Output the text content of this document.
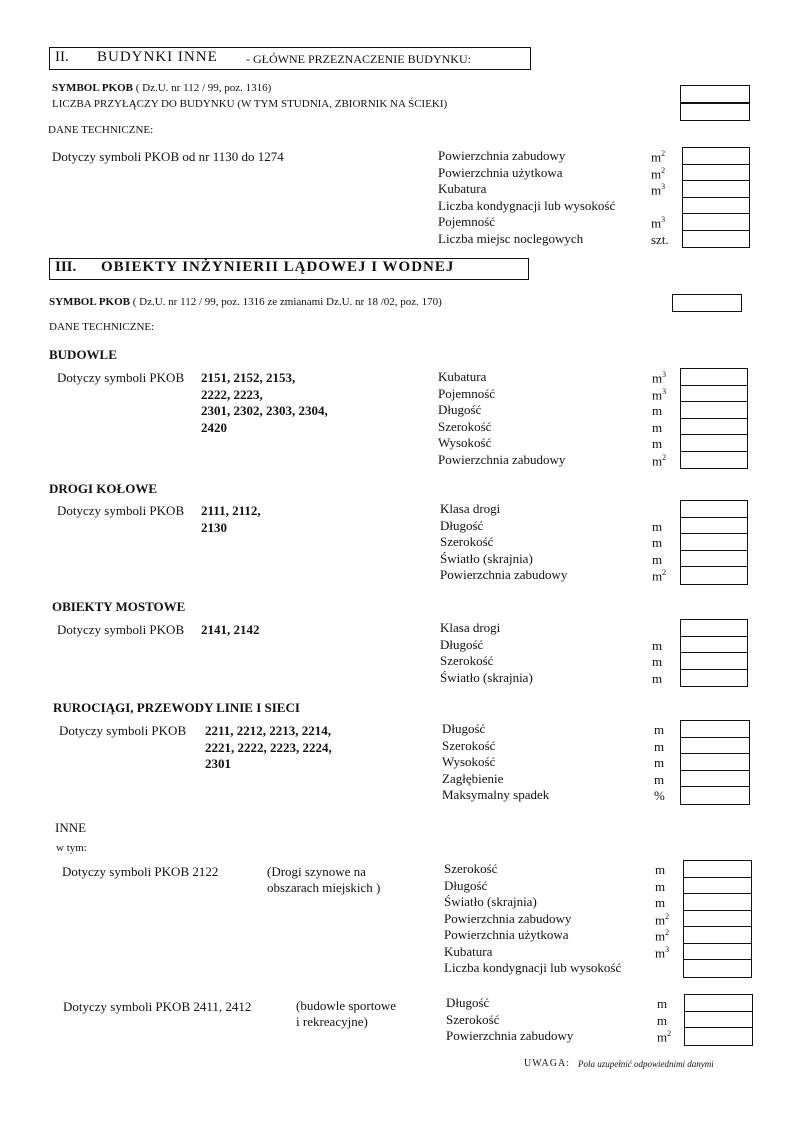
II. BUDYNKI INNE - GŁÓWNE PRZEZNACZENIE BUDYNKU:
SYMBOL PKOB ( Dz.U. nr 112 / 99, poz. 1316)
LICZBA PRZYŁĄCZY DO BUDYNKU (W TYM STUDNIA, ZBIORNIK NA ŚCIEKI)
DANE TECHNICZNE:
Dotyczy symboli PKOB od nr 1130 do 1274	Powierzchnia zabudowy	$m^2$
Powierzchnia użytkowa	$m^2$
Kubatura	$m^3$
Liczba kondygnacji lub wysokość
Pojemność	$m^3$
Liczba miejsc noclegowych	szt.
III. OBIEKTY INŻYNIERII LĄDOWEJ I WODNEJ
SYMBOL PKOB ( Dz.U. nr 112 / 99, poz. 1316 ze zmianami Dz.U. nr 18 /02, poz. 170)
DANE TECHNICZNE:
BUDOWLE
Dotyczy symboli PKOB 2151, 2152, 2153,
2222, 2223,
2301, 2302, 2303, 2304,
2420
Kubatura	$m^3$
Pojemność	$m^3$
Długość	m
Szerokość	m
Wysokość	m
Powierzchnia zabudowy	$m^2$
DROGI KOŁOWE
Dotyczy symboli PKOB 2111, 2112,
2130
Klasa drogi
Długość	m
Szerokość	m
Światło (skrajnia)	m
Powierzchnia zabudowy	$m^2$
OBIEKTY MOSTOWE
Dotyczy symboli PKOB 2141, 2142	Klasa drogi
Długość	m
Szerokość	m
Światło (skrajnia)	m
RUROCIĄGI, PRZEWODY LINIE I SIECI
Dotyczy symboli PKOB 2211, 2212, 2213, 2214,
2221, 2222, 2223, 2224,
2301
Długość	m
Szerokość	m
Wysokość	m
Zagłębienie	m
Maksymalny spadek	%
INNE
w tym:
Dotyczy symboli PKOB 2122	(Drogi szynowe na
obszarach miejskich )
Szerokość	m
Długość	m
Światło (skrajnia)	m
Powierzchnia zabudowy	$m^2$
Powierzchnia użytkowa	$m^2$
Kubatura	$m^3$
Liczba kondygnacji lub wysokość
Dotyczy symboli PKOB 2411, 2412	(budowle sportowe
i rekreacyjne)
Długość	m
Szerokość	m
Powierzchnia zabudowy	$m^2$
UWAGA: Pola uzupełnić odpowiednimi danymi
